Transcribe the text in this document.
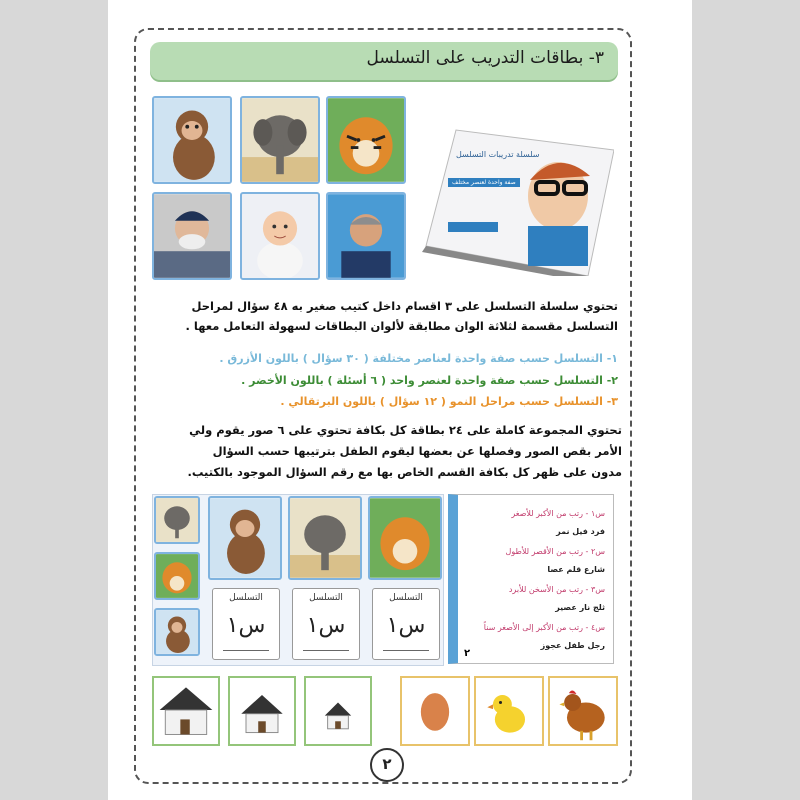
٣- بطاقات التدريب على التسلسل
سلسلة تدريبات التسلسل
صفة واحدة لعنصر مختلف
تحتوي سلسلة التسلسل على ٣ اقسام داخل كتيب صغير به ٤٨ سؤال لمراحل التسلسل مقسمة لثلاثة الوان مطابقة لألوان البطاقات لسهولة التعامل معها .
١- التسلسل حسب صفة واحدة لعناصر مختلفة ( ٣٠ سؤال ) باللون الأزرق .
٢- التسلسل حسب صفة واحدة لعنصر واحد ( ٦ أسئلة ) باللون الأخضر .
٣- التسلسل حسب مراحل النمو ( ١٢ سؤال ) باللون البرتقالي .
تحتوي المجموعة كاملة على ٢٤ بطاقة كل بكافة تحتوي على ٦ صور يقوم ولي الأمر بقص الصور وفصلها عن بعضها ليقوم الطفل بترتيبها حسب السؤال مدون على ظهر كل بكافة القسم الخاص بها مع رقم السؤال الموجود بالكتيب.
التسلسل
س١
التسلسل
س١
التسلسل
س١
س١ - رتب من الأكبر للأصغر
فرد فيل نمر
س٢ - رتب من الأقصر للأطول
شارع قلم عصا
س٣ - رتب من الأسخن للأبرد
ثلج نار عصير
س٤ - رتب من الأكبر إلى الأصغر سناً
رجل طفل عجوز
٢
٢
